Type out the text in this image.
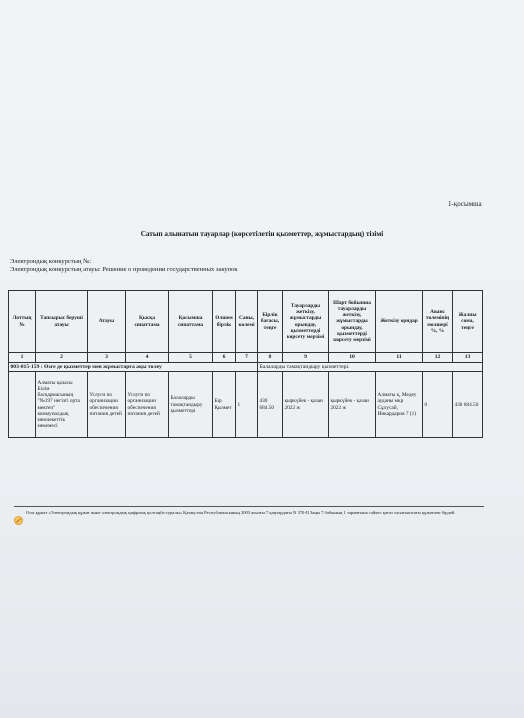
1-қосымша
Сатып алынатын тауарлар (көрсетілетін қызметтер, жұмыстардың) тізімі
Электрондық конкурстың №:
Электрондық конкурстың атауы: Решение о проведении государственных закупок
Лоттың №	Тапсырыс берушi атауы	Атауы	Қысқа сипаттама	Қосымша сипаттама	Өлшем бірлік	Саны, көлемі	Бірлік бағасы, теңге	Тауарларды жеткізу, жұмыстарды орындау, қызметтерді көрсету мерзімі	Шарт бойынша тауарларды жеткізу, жұмыстарды орындау, қызметтерді көрсету мерзімі	Жеткізу орндар	Аванс төлемінің мөлшері %, %	Жалпы сома, теңге
1	2	3	4	5	6	7	8	9	10	11	12	13
003-015-159 : Өзге де қызметтер мен жұмыстарға ақы төлеу							Балаларды тамақтандыру қызметтері.					
	Алматы қаласы Білім басқармасының "№197 негізгі орта мектеп" коммуналдық мемлекеттік мекемесі	Услуги по организации обеспечения питания детей	Услуги по организации обеспечения питания детей	Балаларды тамақтандыру қызметтері	Бір Қызмет	1	430 684.50	қыркүйек - қазан 2022 ж	қыркүйек - қазан 2022 ж	Алматы қ, Медеу ауданы мкр Сұлусай, Инкардария 7 (1)	0	430 684.50
Осы құжат «Электрондық құжат және электрондық цифрлық қолтаңба туралы» Қазақстан Республикасының 2003 жылғы 7 қаңтардағы N 370-II Заңы 7 бабының 1 тармағына сәйкес қағаз тасығыштағы құжатпен бірдей.
